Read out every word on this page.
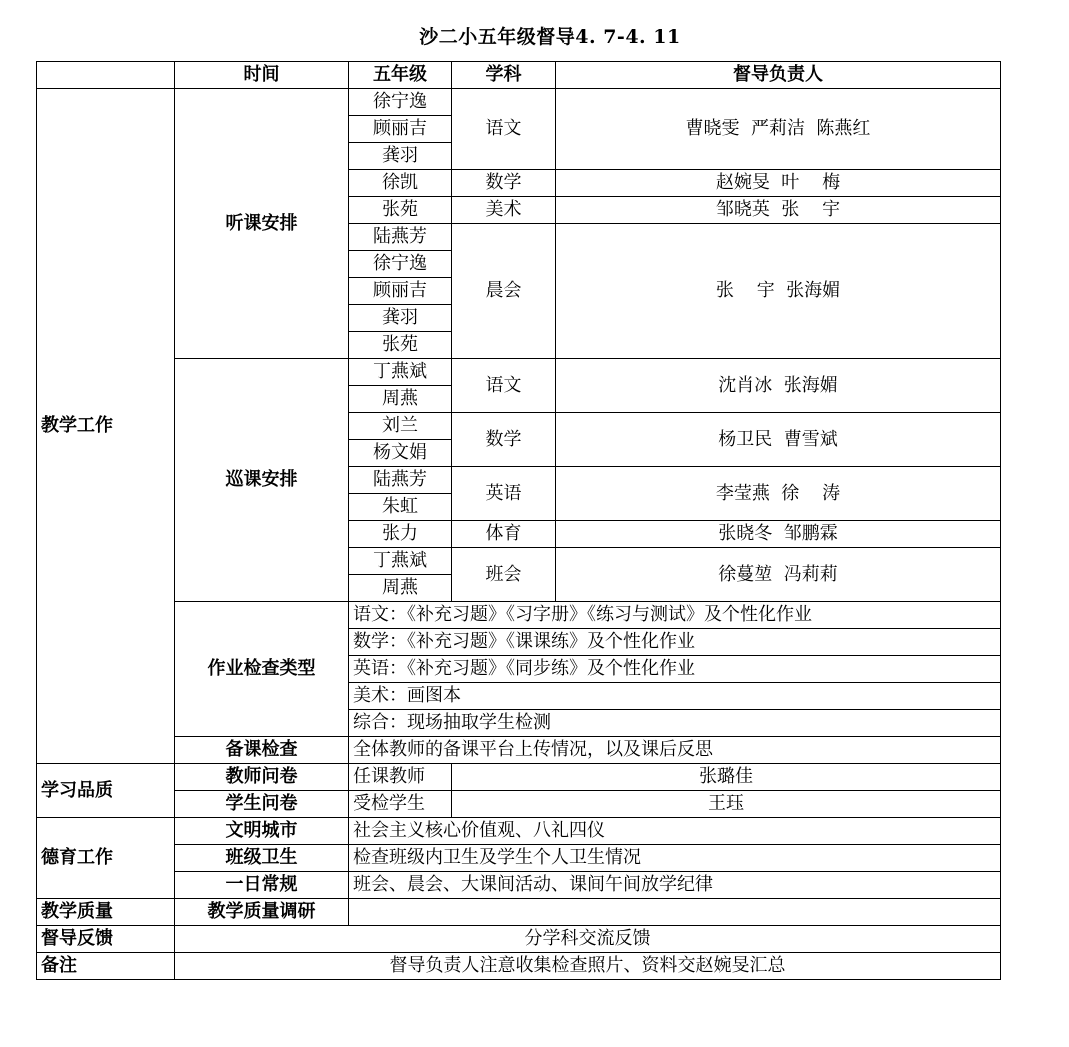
沙二小五年级督导4. 7-4. 11
	时间	五年级	学科	督导负责人
教学工作	听课安排	徐宁逸	语文	曹晓雯  严莉洁  陈燕红
		顾丽吉		
		龚羽		
		徐凯	数学	赵婉旻  叶    梅
		张苑	美术	邹晓英  张    宇
		陆燕芳	晨会	张    宇  张海媚
		徐宁逸		
		顾丽吉		
		龚羽		
		张苑		
	巡课安排	丁燕斌	语文	沈肖冰  张海媚
		周燕		
		刘兰	数学	杨卫民  曹雪斌
		杨文娟		
		陆燕芳	英语	李莹燕  徐    涛
		朱虹		
		张力	体育	张晓冬  邹鹏霖
		丁燕斌	班会	徐蔓堃  冯莉莉
		周燕		
	作业检查类型	语文：《补充习题》《习字册》《练习与测试》及个性化作业		
		数学：《补充习题》《课课练》及个性化作业		
		英语：《补充习题》《同步练》及个性化作业		
		美术：画图本		
		综合：现场抽取学生检测		
	备课检查	全体教师的备课平台上传情况，以及课后反思		
学习品质	教师问卷	任课教师	张璐佳	
	学生问卷	受检学生	王珏	
德育工作	文明城市	社会主义核心价值观、八礼四仪		
	班级卫生	检查班级内卫生及学生个人卫生情况		
	一日常规	班会、晨会、大课间活动、课间午间放学纪律		
教学质量	教学质量调研			
督导反馈	分学科交流反馈			
备注	督导负责人注意收集检查照片、资料交赵婉旻汇总			
